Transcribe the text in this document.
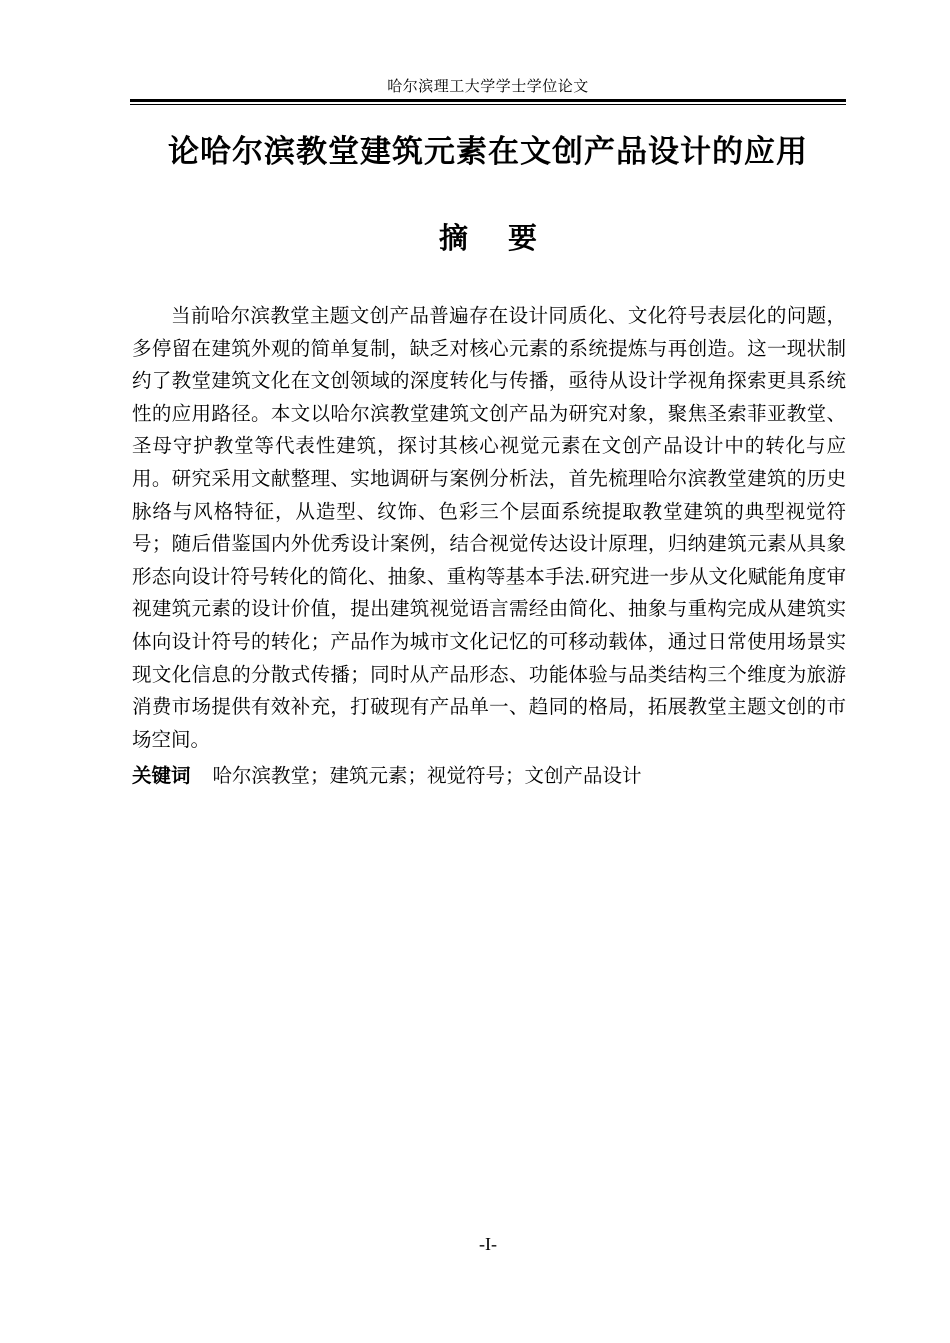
哈尔滨理工大学学士学位论文
论哈尔滨教堂建筑元素在文创产品设计的应用
摘要

当前哈尔滨教堂主题文创产品普遍存在设计同质化、文化符号表层化的问题，多停留在建筑外观的简单复制，缺乏对核心元素的系统提炼与再创造。这一现状制约了教堂建筑文化在文创领域的深度转化与传播，亟待从设计学视角探索更具系统性的应用路径。本文以哈尔滨教堂建筑文创产品为研究对象，聚焦圣索菲亚教堂、圣母守护教堂等代表性建筑，探讨其核心视觉元素在文创产品设计中的转化与应用。研究采用文献整理、实地调研与案例分析法，首先梳理哈尔滨教堂建筑的历史脉络与风格特征，从造型、纹饰、色彩三个层面系统提取教堂建筑的典型视觉符号；随后借鉴国内外优秀设计案例，结合视觉传达设计原理，归纳建筑元素从具象形态向设计符号转化的简化、抽象、重构等基本手法.研究进一步从文化赋能角度审视建筑元素的设计价值，提出建筑视觉语言需经由简化、抽象与重构完成从建筑实体向设计符号的转化；产品作为城市文化记忆的可移动载体，通过日常使用场景实现文化信息的分散式传播；同时从产品形态、功能体验与品类结构三个维度为旅游消费市场提供有效补充，打破现有产品单一、趋同的格局，拓展教堂主题文创的市场空间。

关键词 哈尔滨教堂；建筑元素；视觉符号；文创产品设计
-I-
